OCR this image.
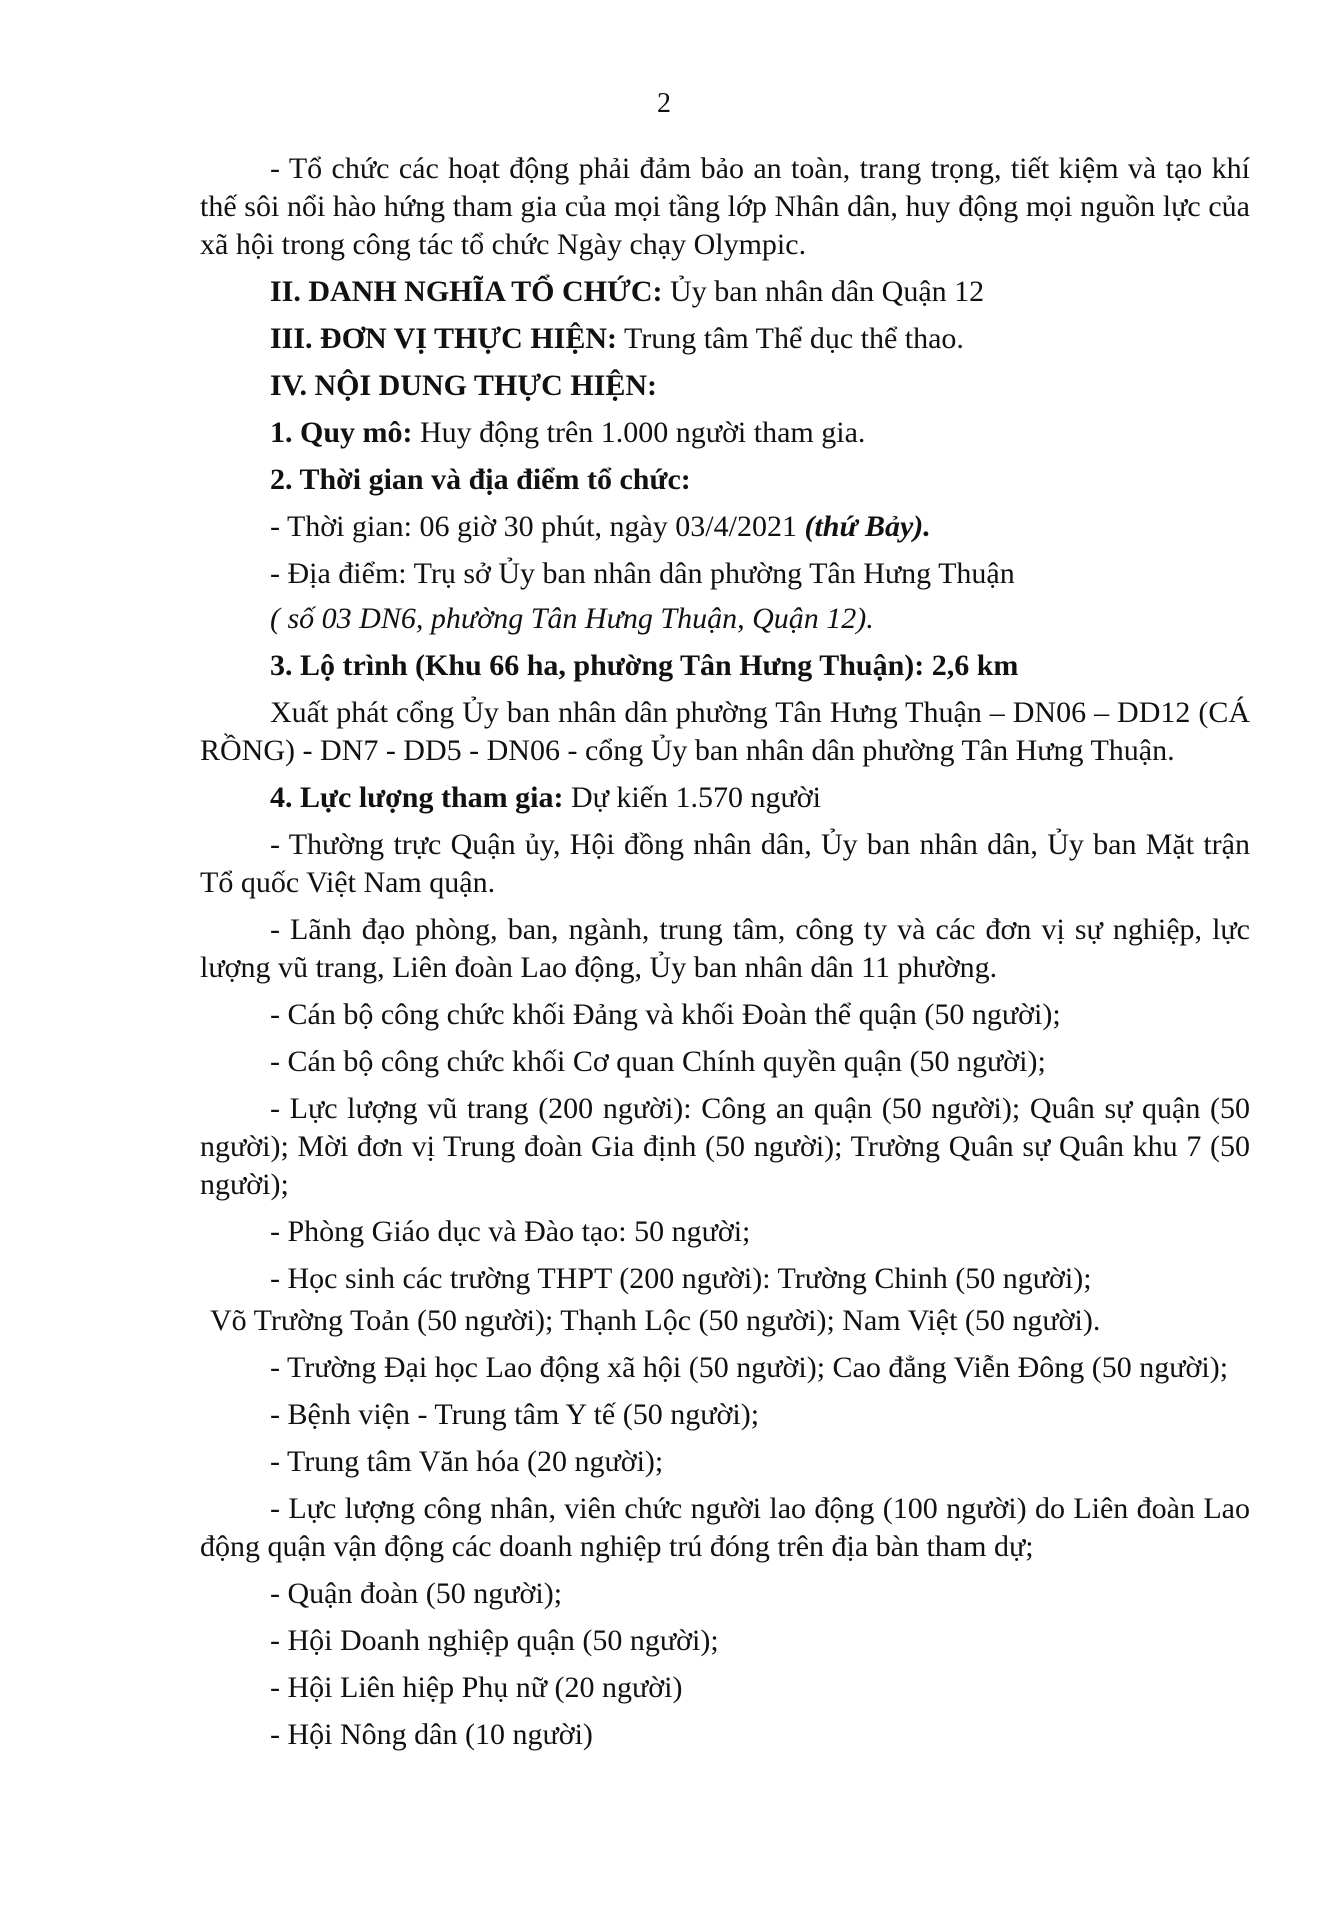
2

- Tổ chức các hoạt động phải đảm bảo an toàn, trang trọng, tiết kiệm và tạo khí thế sôi nổi hào hứng tham gia của mọi tầng lớp Nhân dân, huy động mọi nguồn lực của xã hội trong công tác tổ chức Ngày chạy Olympic.

II. DANH NGHĨA TỔ CHỨC: Ủy ban nhân dân Quận 12

III. ĐƠN VỊ THỰC HIỆN: Trung tâm Thể dục thể thao.

IV. NỘI DUNG THỰC HIỆN:

1. Quy mô: Huy động trên 1.000 người tham gia.

2. Thời gian và địa điểm tổ chức:

- Thời gian: 06 giờ 30 phút, ngày 03/4/2021 (thứ Bảy).

- Địa điểm: Trụ sở Ủy ban nhân dân phường Tân Hưng Thuận

( số 03 DN6, phường Tân Hưng Thuận, Quận 12).

3. Lộ trình (Khu 66 ha, phường Tân Hưng Thuận): 2,6 km

Xuất phát cổng Ủy ban nhân dân phường Tân Hưng Thuận – DN06 – DD12 (CÁ RỒNG) - DN7 - DD5 - DN06 - cổng Ủy ban nhân dân phường Tân Hưng Thuận.

4. Lực lượng tham gia: Dự kiến 1.570 người

- Thường trực Quận ủy, Hội đồng nhân dân, Ủy ban nhân dân, Ủy ban Mặt trận Tổ quốc Việt Nam quận.

- Lãnh đạo phòng, ban, ngành, trung tâm, công ty và các đơn vị sự nghiệp, lực lượng vũ trang, Liên đoàn Lao động, Ủy ban nhân dân 11 phường.

- Cán bộ công chức khối Đảng và khối Đoàn thể quận (50 người);

- Cán bộ công chức khối Cơ quan Chính quyền quận (50 người);

- Lực lượng vũ trang (200 người): Công an quận (50 người); Quân sự quận (50 người); Mời đơn vị Trung đoàn Gia định (50 người); Trường Quân sự Quân khu 7 (50 người);

- Phòng Giáo dục và Đào tạo: 50 người;

- Học sinh các trường THPT (200 người): Trường Chinh (50 người);

Võ Trường Toản (50 người); Thạnh Lộc (50 người); Nam Việt (50 người).

- Trường Đại học Lao động xã hội (50 người); Cao đẳng Viễn Đông (50 người);

- Bệnh viện - Trung tâm Y tế (50 người);

- Trung tâm Văn hóa (20 người);

- Lực lượng công nhân, viên chức người lao động (100 người) do Liên đoàn Lao động quận vận động các doanh nghiệp trú đóng trên địa bàn tham dự;

- Quận đoàn (50 người);

- Hội Doanh nghiệp quận (50 người);

- Hội Liên hiệp Phụ nữ (20 người)

- Hội Nông dân (10 người)
